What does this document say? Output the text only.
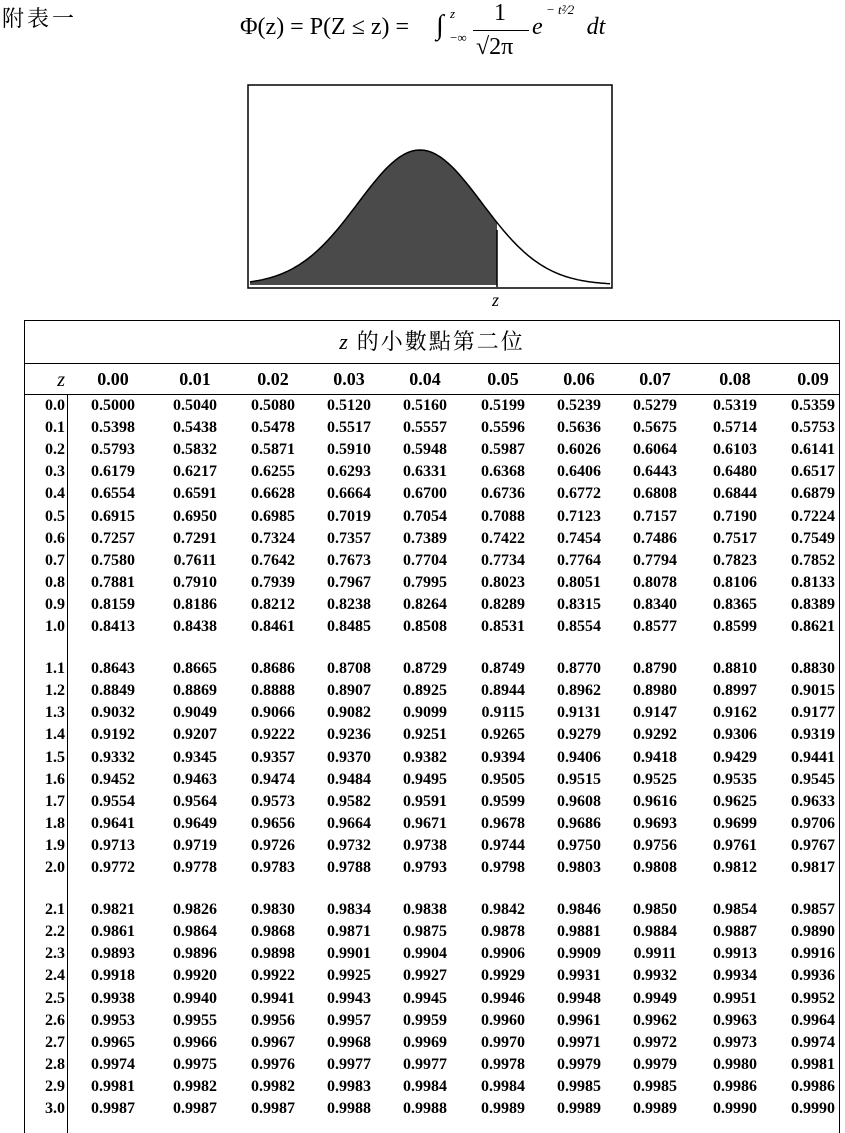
附表一	Φ(z) = P(Z ≤ z) = ∫ z
−∞
1
√2π
e dt
− t²⁄2
z
z 的小數點第二位
z	0.00	0.01	0.02	0.03	0.04	0.05	0.06	0.07	0.08	0.09
0.0	0.5000	0.5040	0.5080	0.5120	0.5160	0.5199	0.5239	0.5279	0.5319	0.5359
0.1	0.5398	0.5438	0.5478	0.5517	0.5557	0.5596	0.5636	0.5675	0.5714	0.5753
0.2	0.5793	0.5832	0.5871	0.5910	0.5948	0.5987	0.6026	0.6064	0.6103	0.6141
0.3	0.6179	0.6217	0.6255	0.6293	0.6331	0.6368	0.6406	0.6443	0.6480	0.6517
0.4	0.6554	0.6591	0.6628	0.6664	0.6700	0.6736	0.6772	0.6808	0.6844	0.6879
0.5	0.6915	0.6950	0.6985	0.7019	0.7054	0.7088	0.7123	0.7157	0.7190	0.7224
0.6	0.7257	0.7291	0.7324	0.7357	0.7389	0.7422	0.7454	0.7486	0.7517	0.7549
0.7	0.7580	0.7611	0.7642	0.7673	0.7704	0.7734	0.7764	0.7794	0.7823	0.7852
0.8	0.7881	0.7910	0.7939	0.7967	0.7995	0.8023	0.8051	0.8078	0.8106	0.8133
0.9	0.8159	0.8186	0.8212	0.8238	0.8264	0.8289	0.8315	0.8340	0.8365	0.8389
1.0	0.8413	0.8438	0.8461	0.8485	0.8508	0.8531	0.8554	0.8577	0.8599	0.8621
1.1	0.8643	0.8665	0.8686	0.8708	0.8729	0.8749	0.8770	0.8790	0.8810	0.8830
1.2	0.8849	0.8869	0.8888	0.8907	0.8925	0.8944	0.8962	0.8980	0.8997	0.9015
1.3	0.9032	0.9049	0.9066	0.9082	0.9099	0.9115	0.9131	0.9147	0.9162	0.9177
1.4	0.9192	0.9207	0.9222	0.9236	0.9251	0.9265	0.9279	0.9292	0.9306	0.9319
1.5	0.9332	0.9345	0.9357	0.9370	0.9382	0.9394	0.9406	0.9418	0.9429	0.9441
1.6	0.9452	0.9463	0.9474	0.9484	0.9495	0.9505	0.9515	0.9525	0.9535	0.9545
1.7	0.9554	0.9564	0.9573	0.9582	0.9591	0.9599	0.9608	0.9616	0.9625	0.9633
1.8	0.9641	0.9649	0.9656	0.9664	0.9671	0.9678	0.9686	0.9693	0.9699	0.9706
1.9	0.9713	0.9719	0.9726	0.9732	0.9738	0.9744	0.9750	0.9756	0.9761	0.9767
2.0	0.9772	0.9778	0.9783	0.9788	0.9793	0.9798	0.9803	0.9808	0.9812	0.9817
2.1	0.9821	0.9826	0.9830	0.9834	0.9838	0.9842	0.9846	0.9850	0.9854	0.9857
2.2	0.9861	0.9864	0.9868	0.9871	0.9875	0.9878	0.9881	0.9884	0.9887	0.9890
2.3	0.9893	0.9896	0.9898	0.9901	0.9904	0.9906	0.9909	0.9911	0.9913	0.9916
2.4	0.9918	0.9920	0.9922	0.9925	0.9927	0.9929	0.9931	0.9932	0.9934	0.9936
2.5	0.9938	0.9940	0.9941	0.9943	0.9945	0.9946	0.9948	0.9949	0.9951	0.9952
2.6	0.9953	0.9955	0.9956	0.9957	0.9959	0.9960	0.9961	0.9962	0.9963	0.9964
2.7	0.9965	0.9966	0.9967	0.9968	0.9969	0.9970	0.9971	0.9972	0.9973	0.9974
2.8	0.9974	0.9975	0.9976	0.9977	0.9977	0.9978	0.9979	0.9979	0.9980	0.9981
2.9	0.9981	0.9982	0.9982	0.9983	0.9984	0.9984	0.9985	0.9985	0.9986	0.9986
3.0	0.9987	0.9987	0.9987	0.9988	0.9988	0.9989	0.9989	0.9989	0.9990	0.9990
